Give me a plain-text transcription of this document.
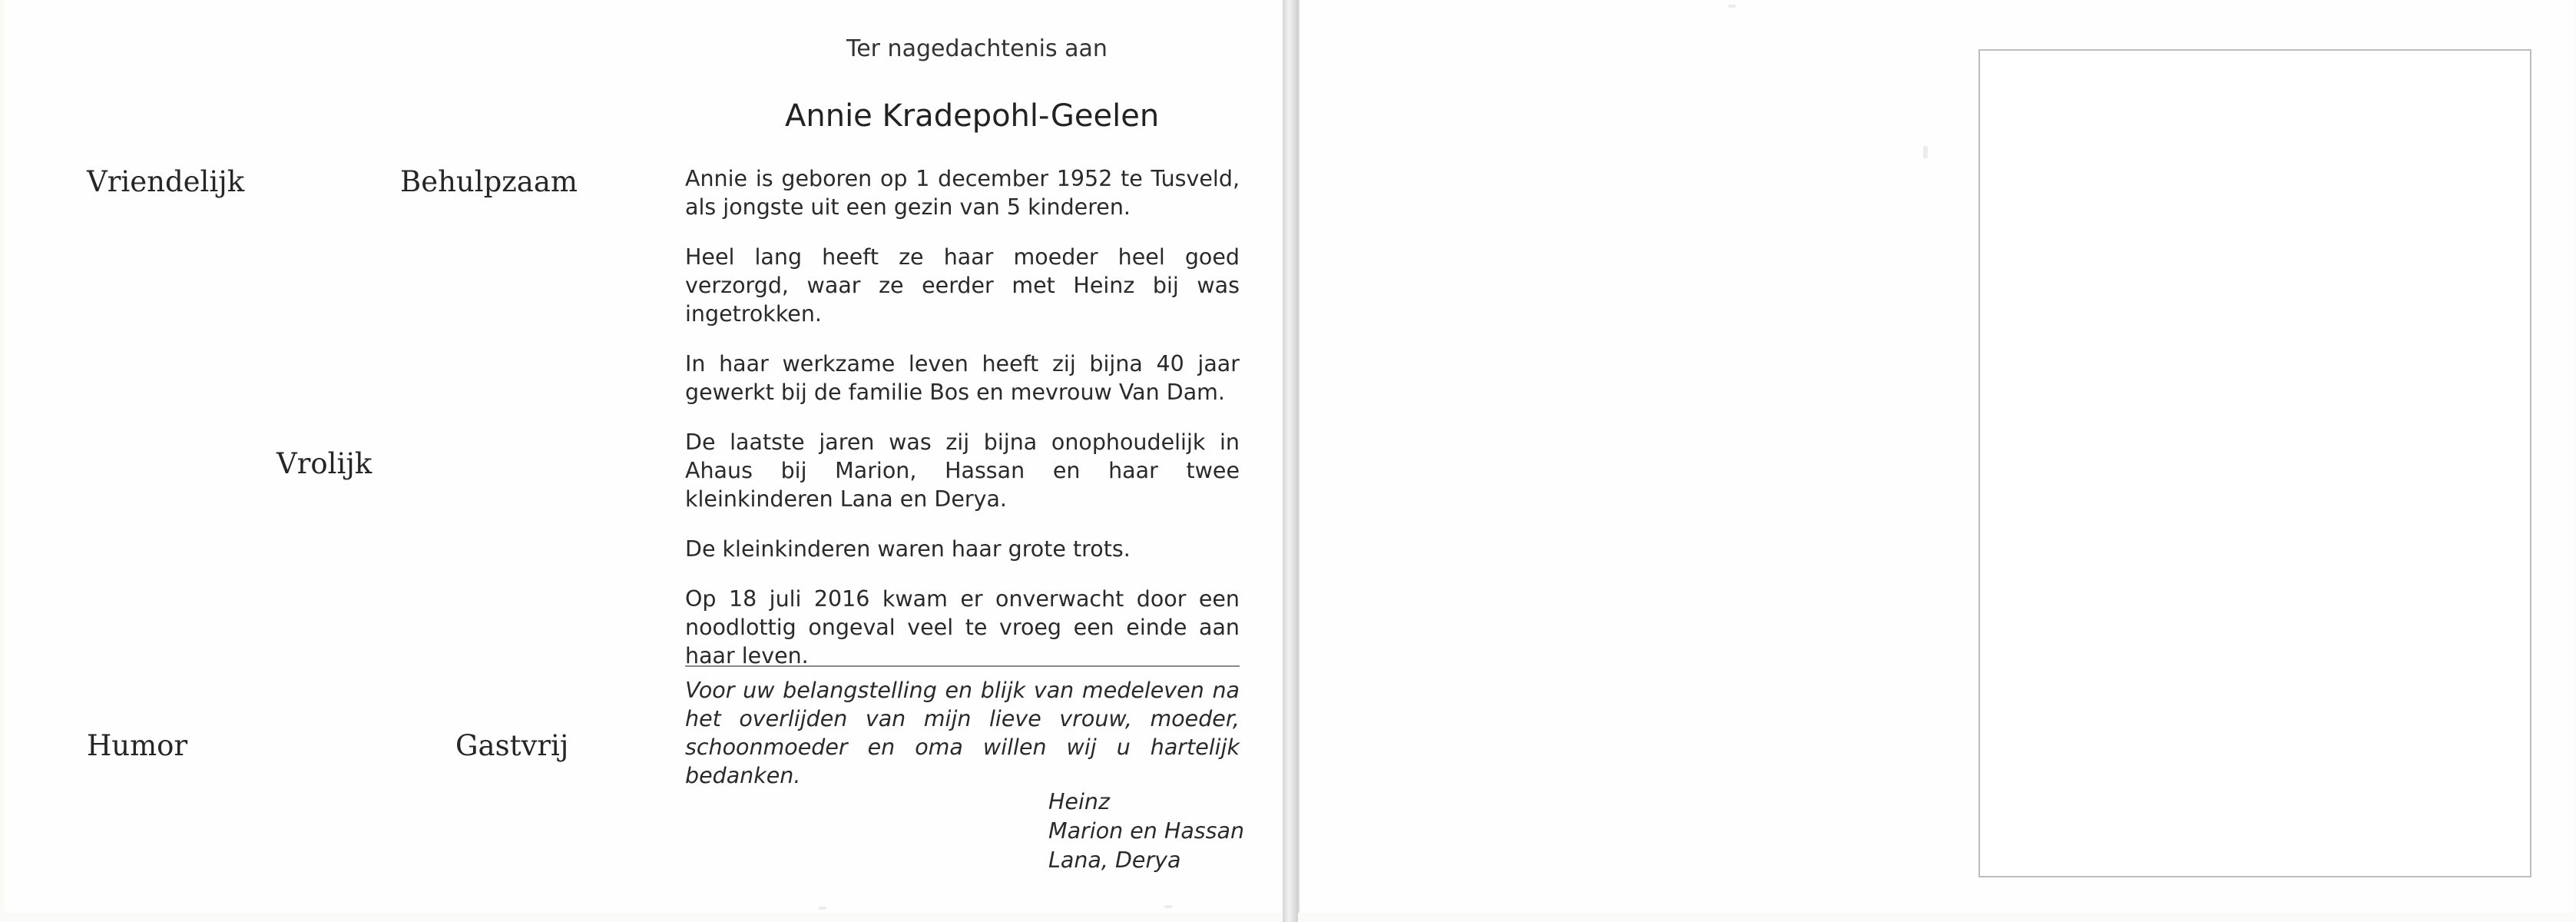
Vriendelijk	Behulpzaam
Vrolijk
Humor	Gastvrij
Ter nagedachtenis aan
Annie Kradepohl-Geelen

Annie is geboren op 1 december 1952 te Tusveld, als jongste uit een gezin van 5 kinderen.

Heel lang heeft ze haar moeder heel goed verzorgd, waar ze eerder met Heinz bij was ingetrokken.

In haar werkzame leven heeft zij bijna 40 jaar gewerkt bij de familie Bos en mevrouw Van Dam.

De laatste jaren was zij bijna onophoudelijk in Ahaus bij Marion, Hassan en haar twee kleinkinderen Lana en Derya.

De kleinkinderen waren haar grote trots.

Op 18 juli 2016 kwam er onverwacht door een noodlottig ongeval veel te vroeg een einde aan haar leven.

Voor uw belangstelling en blijk van medeleven na het overlijden van mijn lieve vrouw, moeder, schoonmoeder en oma willen wij u hartelijk bedanken.

Heinz
Marion en Hassan
Lana, Derya
